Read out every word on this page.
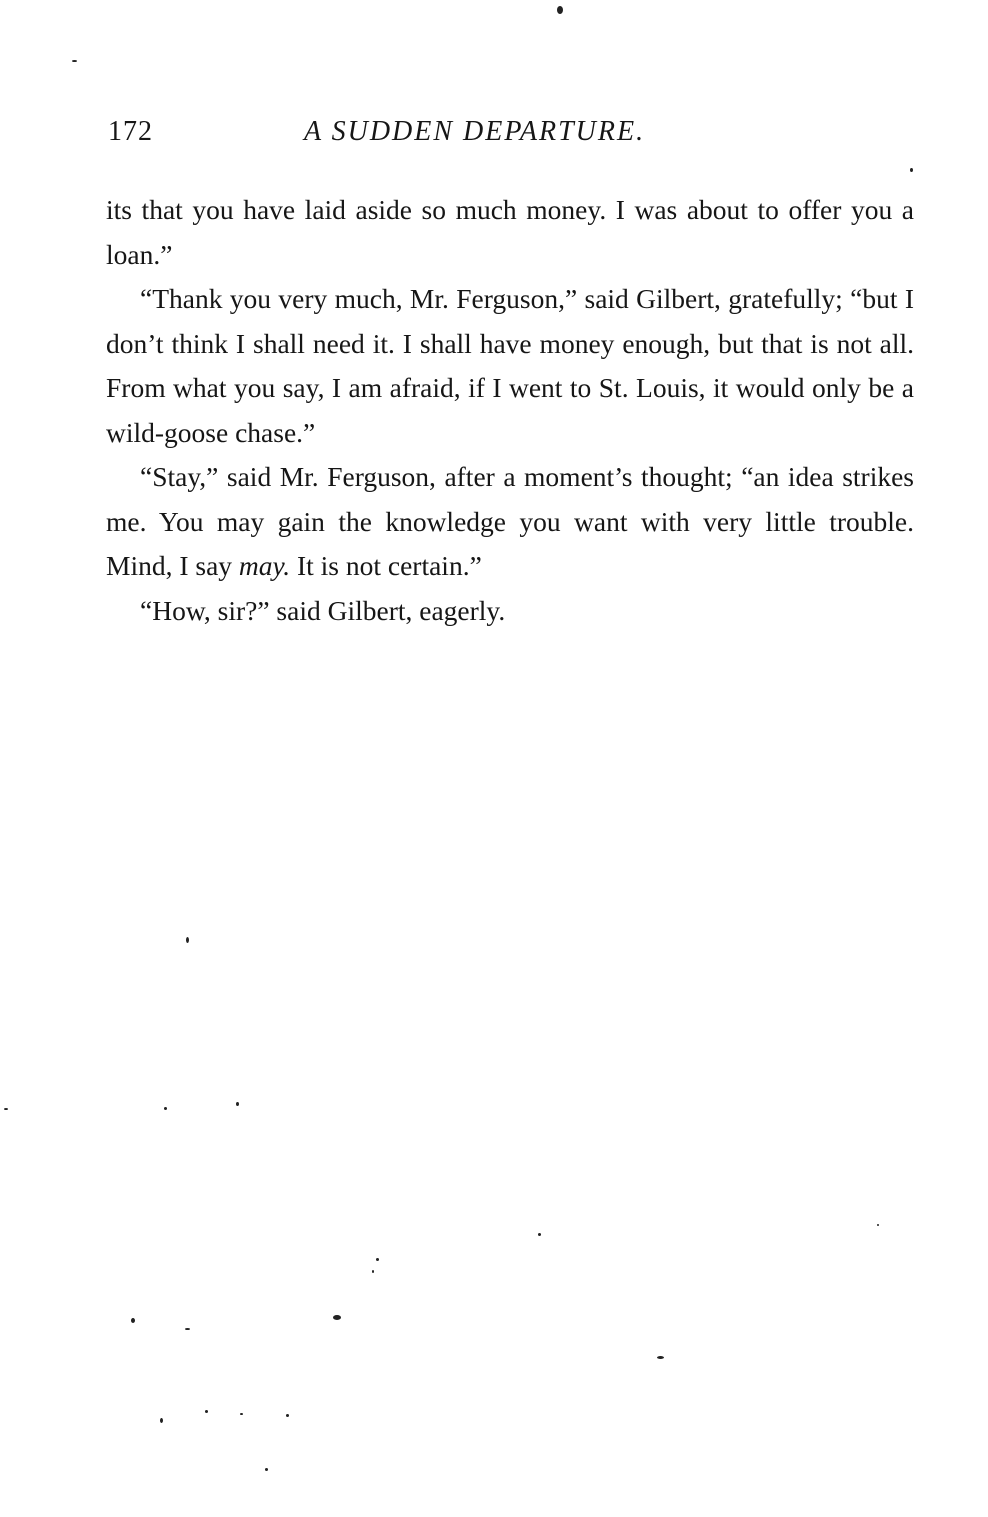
172	A SUDDEN DEPARTURE.

its that you have laid aside so much money. I was about to offer you a loan.”

“Thank you very much, Mr. Ferguson,” said Gilbert, gratefully; “but I don’t think I shall need it. I shall have money enough, but that is not all. From what you say, I am afraid, if I went to St. Louis, it would only be a wild-goose chase.”

“Stay,” said Mr. Ferguson, after a moment’s thought; “an idea strikes me. You may gain the knowledge you want with very little trouble. Mind, I say may. It is not certain.”

“How, sir?” said Gilbert, eagerly.
